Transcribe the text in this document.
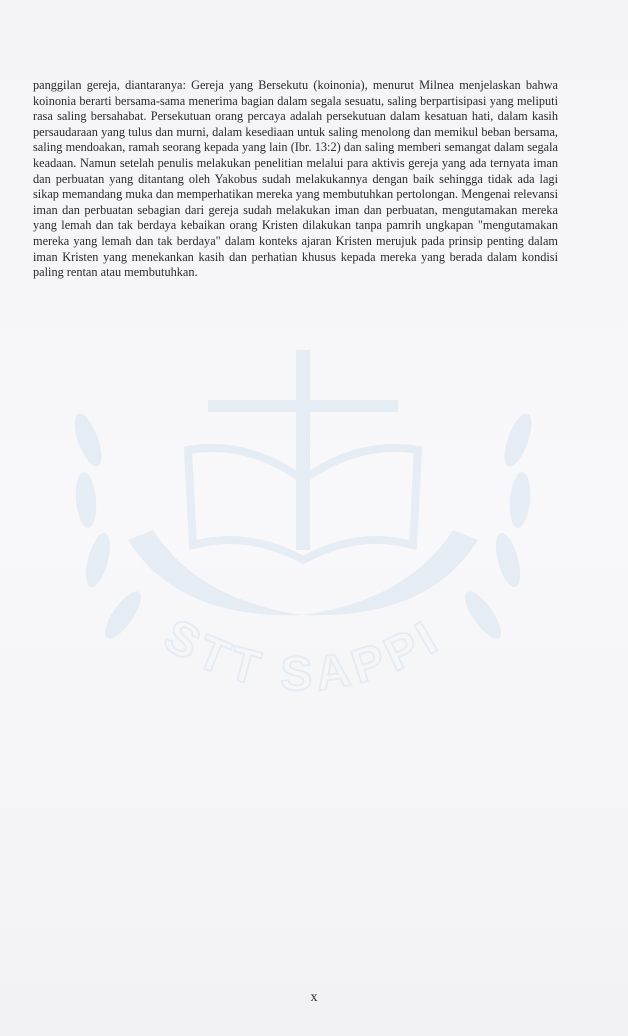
STT SAPPI

panggilan gereja, diantaranya: Gereja yang Bersekutu (koinonia), menurut Milnea menjelaskan bahwa koinonia berarti bersama-sama menerima bagian dalam segala sesuatu, saling berpartisipasi yang meliputi rasa saling bersahabat. Persekutuan orang percaya adalah persekutuan dalam kesatuan hati, dalam kasih persaudaraan yang tulus dan murni, dalam kesediaan untuk saling menolong dan memikul beban bersama, saling mendoakan, ramah seorang kepada yang lain (Ibr. 13:2) dan saling memberi semangat dalam segala keadaan. Namun setelah penulis melakukan penelitian melalui para aktivis gereja yang ada ternyata iman dan perbuatan yang ditantang oleh Yakobus sudah melakukannya dengan baik sehingga tidak ada lagi sikap memandang muka dan memperhatikan mereka yang membutuhkan pertolongan. Mengenai relevansi iman dan perbuatan sebagian dari gereja sudah melakukan iman dan perbuatan, mengutamakan mereka yang lemah dan tak berdaya kebaikan orang Kristen dilakukan tanpa pamrih ungkapan "mengutamakan mereka yang lemah dan tak berdaya" dalam konteks ajaran Kristen merujuk pada prinsip penting dalam iman Kristen yang menekankan kasih dan perhatian khusus kepada mereka yang berada dalam kondisi paling rentan atau membutuhkan.

x
